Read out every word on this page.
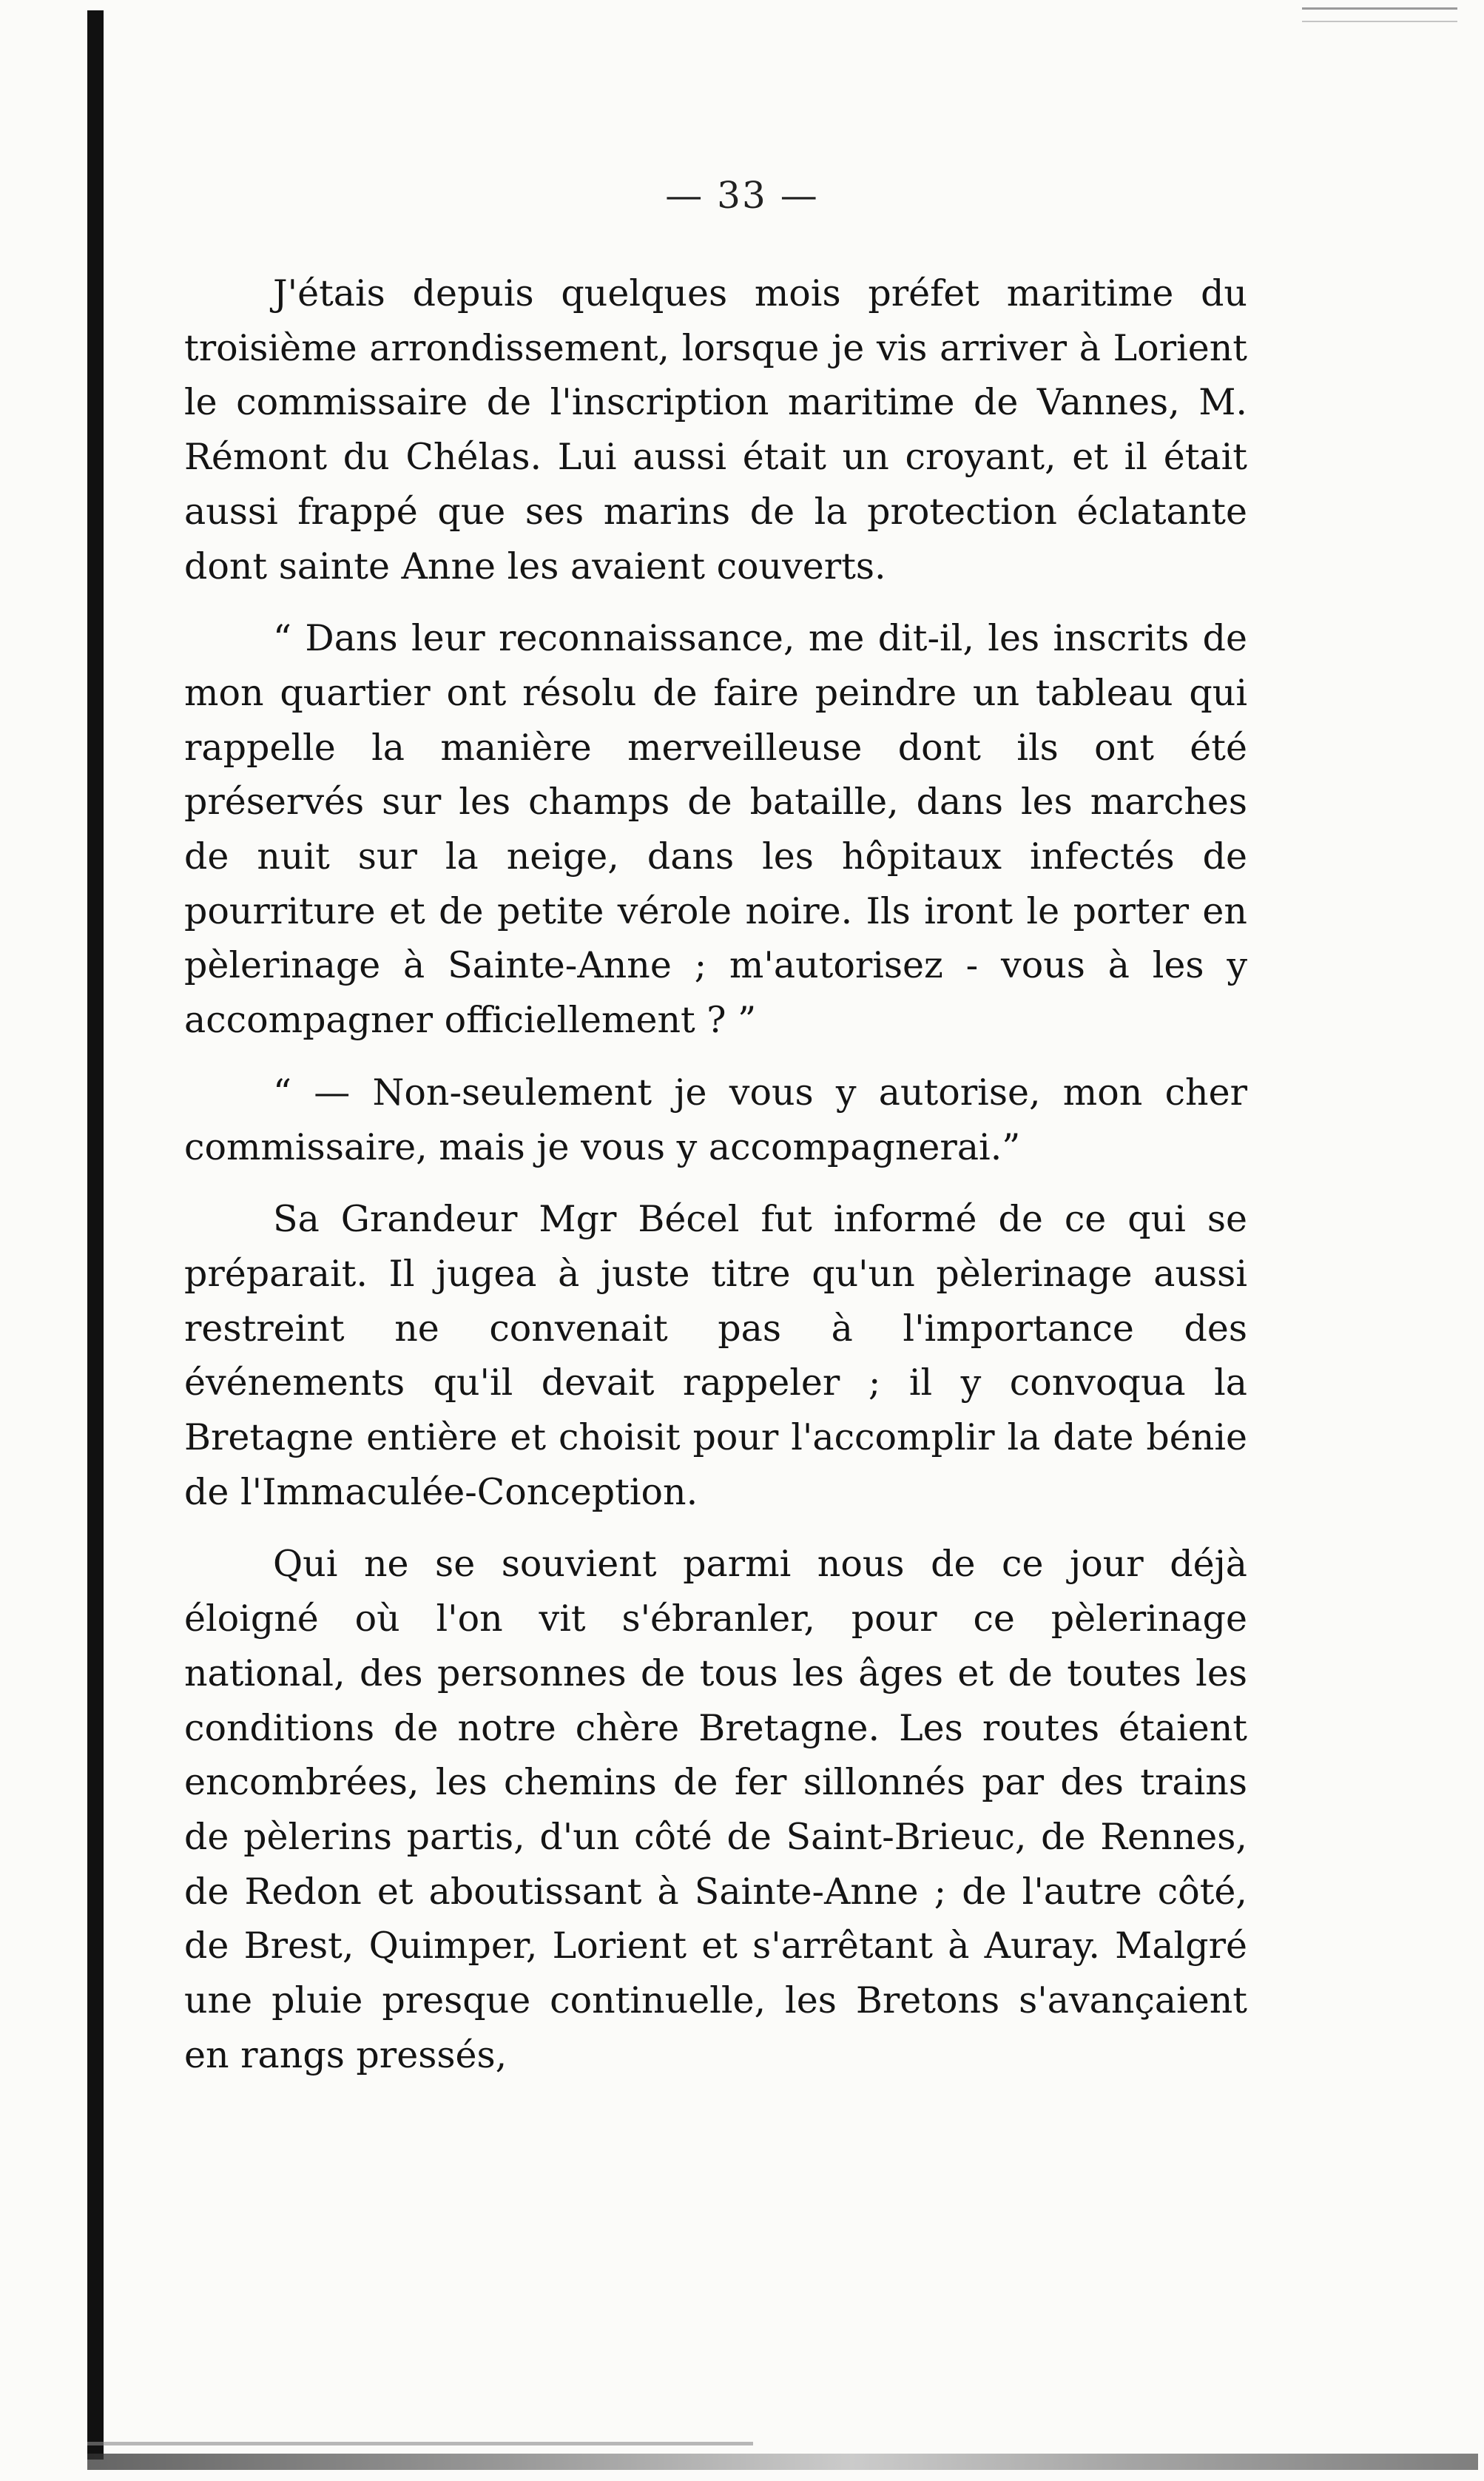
— 33 —

J'étais depuis quelques mois préfet maritime du troisième arrondissement, lorsque je vis arriver à Lorient le commissaire de l'inscription maritime de Vannes, M. Rémont du Chélas. Lui aussi était un croyant, et il était aussi frappé que ses marins de la protection éclatante dont sainte Anne les avaient couverts.

“ Dans leur reconnaissance, me dit-il, les inscrits de mon quartier ont résolu de faire peindre un tableau qui rappelle la manière merveilleuse dont ils ont été préservés sur les champs de bataille, dans les marches de nuit sur la neige, dans les hôpitaux infectés de pourriture et de petite vérole noire. Ils iront le porter en pèlerinage à Sainte-Anne ; m'autorisez - vous à les y accompagner officiellement ? ”

“ — Non-seulement je vous y autorise, mon cher commissaire, mais je vous y accompagnerai.”

Sa Grandeur Mgr Bécel fut informé de ce qui se préparait. Il jugea à juste titre qu'un pèlerinage aussi restreint ne convenait pas à l'importance des événements qu'il devait rappeler ; il y convoqua la Bretagne entière et choisit pour l'accomplir la date bénie de l'Immaculée-Conception.

Qui ne se souvient parmi nous de ce jour déjà éloigné où l'on vit s'ébranler, pour ce pèlerinage national, des personnes de tous les âges et de toutes les conditions de notre chère Bretagne. Les routes étaient encombrées, les chemins de fer sillonnés par des trains de pèlerins partis, d'un côté de Saint-Brieuc, de Rennes, de Redon et aboutissant à Sainte-Anne ; de l'autre côté, de Brest, Quimper, Lorient et s'arrêtant à Auray. Malgré une pluie presque continuelle, les Bretons s'avançaient en rangs pressés,
